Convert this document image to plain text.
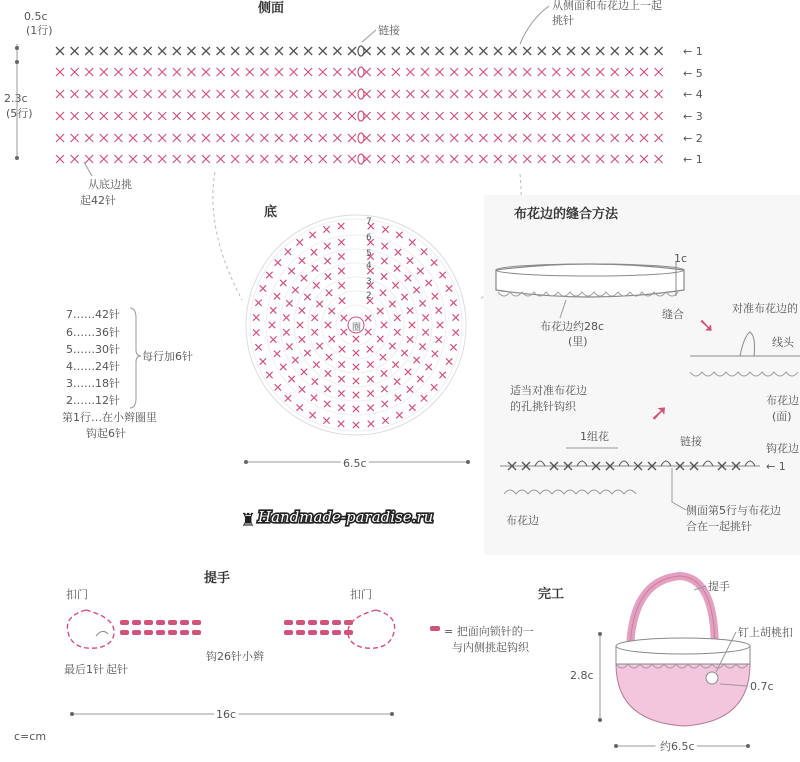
侧面
链接
从侧面和布花边上一起
挑针
0.5c
(1行)
2.3c
(5行)
← 1
← 5
← 4
← 3
← 2
← 1
从底边挑
起42针
底
7
6
5
4
3
2
圈
6.5c
7……42针
6……36针
5……30针
4……24针
3……18针
2……12针
每行加6针
第1行…在小辫圈里
钩起6针
布花边的缝合方法
1c
缝合
布花边约28c
(里)
➘
对准布花边的
线头
布花边
(面)
适当对准布花边
的孔挑针钩织	➚
1组花	链接
钩花边
← 1
布花边
侧面第5行与布花边
合在一起挑针
♜ Handmade-paradise.ru
提手
扣门	扣门
= 把面向锁针的一
与内侧挑起钩织
最后1针 起针
钩26针小辫
16c
c=cm
完工
提手
钉上胡桃扣
2.8c
0.7c
约6.5c
